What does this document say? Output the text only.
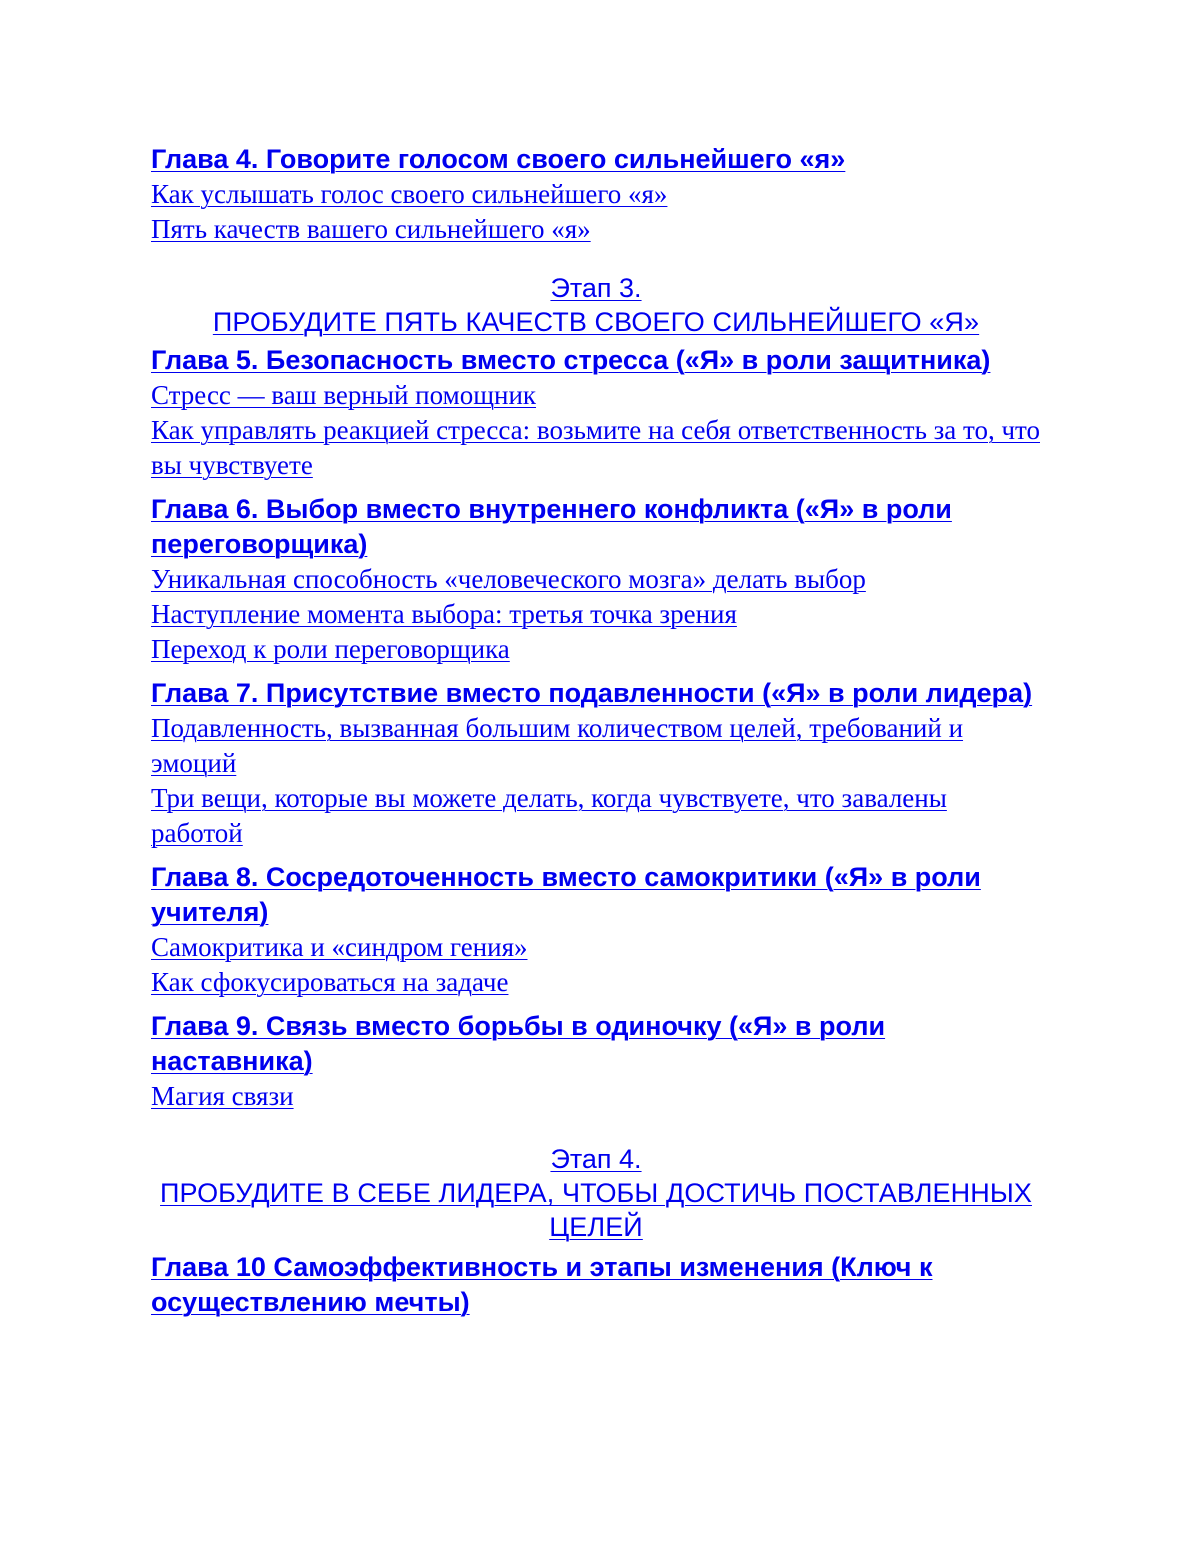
Глава 4. Говорите голосом своего сильнейшего «я»
Как услышать голос своего сильнейшего «я»
Пять качеств вашего сильнейшего «я»
Этап 3.
ПРОБУДИТЕ ПЯТЬ КАЧЕСТВ СВОЕГО СИЛЬНЕЙШЕГО «Я»
Глава 5. Безопасность вместо стресса («Я» в роли защитника)
Стресс — ваш верный помощник
Как управлять реакцией стресса: возьмите на себя ответственность за то, что вы чувствуете
Глава 6. Выбор вместо внутреннего конфликта («Я» в роли переговорщика)
Уникальная способность «человеческого мозга» делать выбор
Наступление момента выбора: третья точка зрения
Переход к роли переговорщика
Глава 7. Присутствие вместо подавленности («Я» в роли лидера)
Подавленность, вызванная большим количеством целей, требований и эмоций
Три вещи, которые вы можете делать, когда чувствуете, что завалены работой
Глава 8. Сосредоточенность вместо самокритики («Я» в роли учителя)
Самокритика и «синдром гения»
Как сфокусироваться на задаче
Глава 9. Связь вместо борьбы в одиночку («Я» в роли наставника)
Магия связи
Этап 4.
ПРОБУДИТЕ В СЕБЕ ЛИДЕРА, ЧТОБЫ ДОСТИЧЬ ПОСТАВЛЕННЫХ ЦЕЛЕЙ
Глава 10 Самоэффективность и этапы изменения (Ключ к осуществлению мечты)
